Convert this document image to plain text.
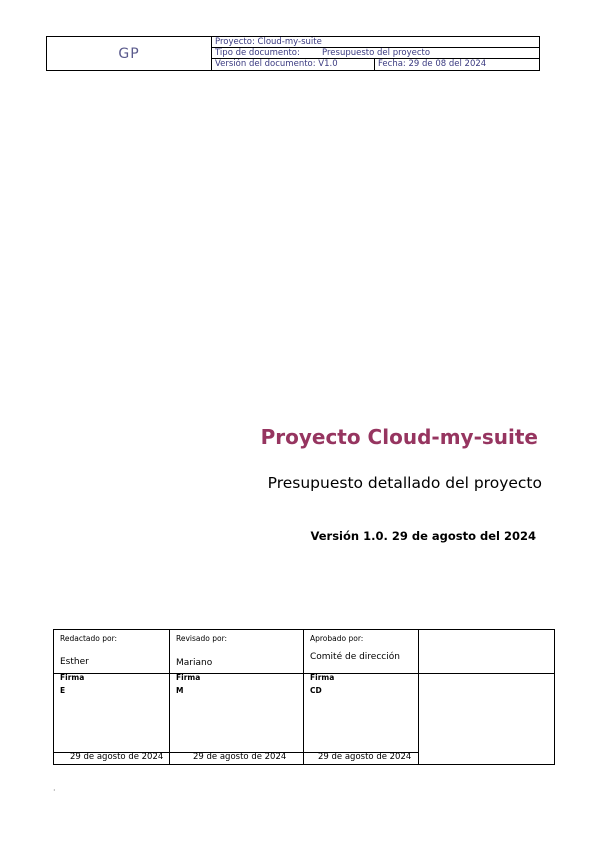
GP
Proyecto: Cloud-my-suite
Tipo de documento:	Presupuesto del proyecto
Versión del documento: V1.0	Fecha: 29 de 08 del 2024
Proyecto Cloud-my-suite
Presupuesto detallado del proyecto
Versión 1.0. 29 de agosto del 2024
Redactado por:
Esther
Firma
E
29 de agosto de 2024
Revisado por:
Mariano
Firma
M
29 de agosto de 2024
Aprobado por:
Comité de dirección
Firma
CD
29 de agosto de 2024
·
